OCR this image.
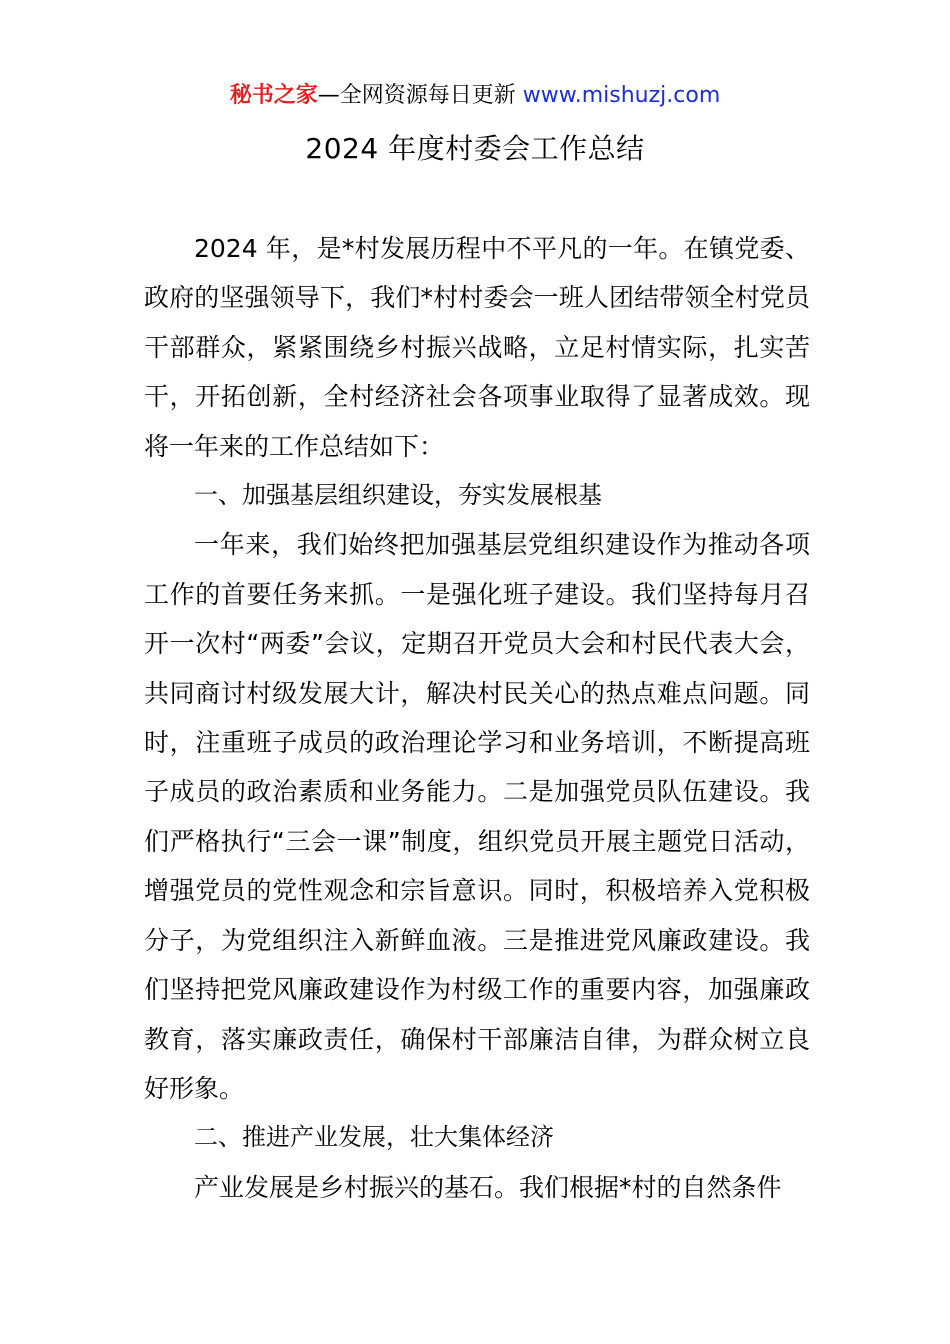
秘书之家—全网资源每日更新 www.mishuzj.com
2024 年度村委会工作总结

2024 年，是*村发展历程中不平凡的一年。在镇党委、政府的坚强领导下，我们*村村委会一班人团结带领全村党员干部群众，紧紧围绕乡村振兴战略，立足村情实际，扎实苦干，开拓创新，全村经济社会各项事业取得了显著成效。现将一年来的工作总结如下：

一、加强基层组织建设，夯实发展根基

一年来，我们始终把加强基层党组织建设作为推动各项工作的首要任务来抓。一是强化班子建设。我们坚持每月召开一次村“两委”会议，定期召开党员大会和村民代表大会，共同商讨村级发展大计，解决村民关心的热点难点问题。同时，注重班子成员的政治理论学习和业务培训，不断提高班子成员的政治素质和业务能力。二是加强党员队伍建设。我们严格执行“三会一课”制度，组织党员开展主题党日活动，增强党员的党性观念和宗旨意识。同时，积极培养入党积极分子，为党组织注入新鲜血液。三是推进党风廉政建设。我们坚持把党风廉政建设作为村级工作的重要内容，加强廉政教育，落实廉政责任，确保村干部廉洁自律，为群众树立良好形象。

二、推进产业发展，壮大集体经济

产业发展是乡村振兴的基石。我们根据*村的自然条件
